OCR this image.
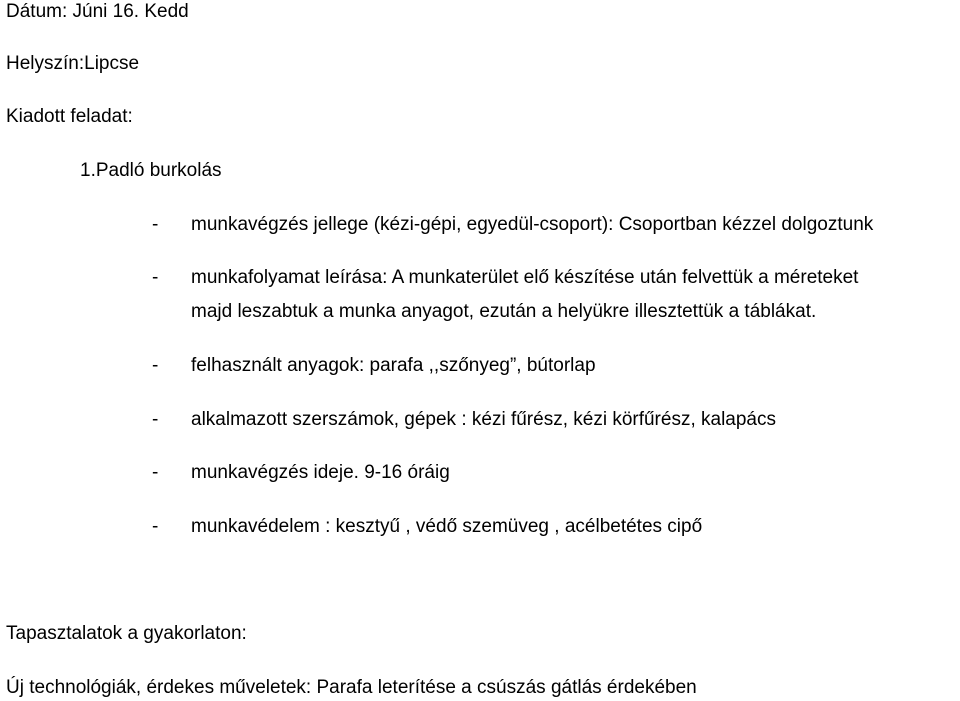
Dátum: Júni 16. Kedd
Helyszín:Lipcse
Kiadott feladat:
1.Padló burkolás
- munkavégzés jellege (kézi-gépi, egyedül-csoport): Csoportban kézzel dolgoztunk
- munkafolyamat leírása: A munkaterület elő készítése után felvettük a méreteket
majd leszabtuk a munka anyagot, ezután a helyükre illesztettük a táblákat.
- felhasznált anyagok: parafa ,,szőnyeg”, bútorlap
- alkalmazott szerszámok, gépek : kézi fűrész, kézi körfűrész, kalapács
- munkavégzés ideje. 9-16 óráig
- munkavédelem : kesztyű , védő szemüveg , acélbetétes cipő
Tapasztalatok a gyakorlaton:
Új technológiák, érdekes műveletek: Parafa leterítése a csúszás gátlás érdekében
